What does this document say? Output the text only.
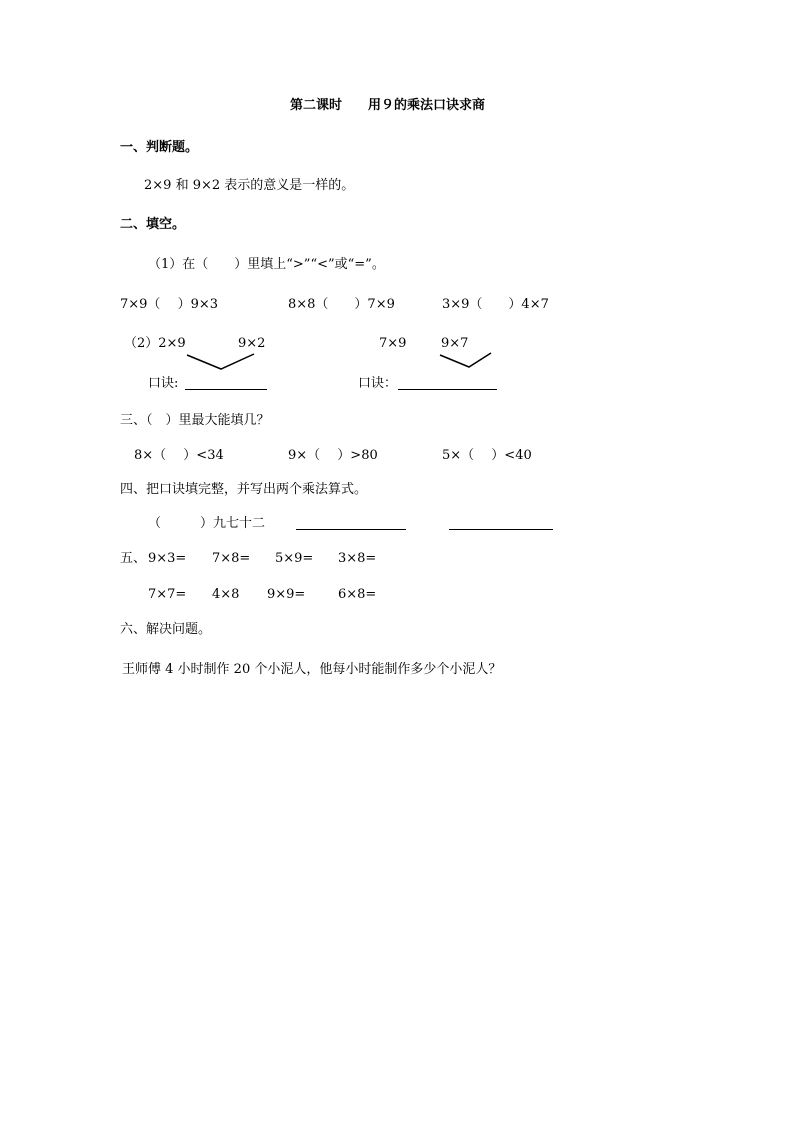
第二课时　　用９的乘法口诀求商
一、判断题。
2×9 和 9×2 表示的意义是一样的。
二、填空。
（1）在（　　）里填上“>”“<”或“=”。
7×9（　 ）9×3	8×8（　　）7×9	3×9（　　）4×7
（2）2×9	9×2	7×9	9×7
口诀:	口诀：
三、（　）里最大能填几？
8×（　 ）<34	9×（　 ）>80	5×（　 ）<40
四、把口诀填完整，并写出两个乘法算式。
（　　　）九七十二
五、 9×3= 7×8= 5×9= 3×8=
7×7= 4×8 9×9=	6×8=
六、解决问题。
王师傅 4 小时制作 20 个小泥人，他每小时能制作多少个小泥人？
